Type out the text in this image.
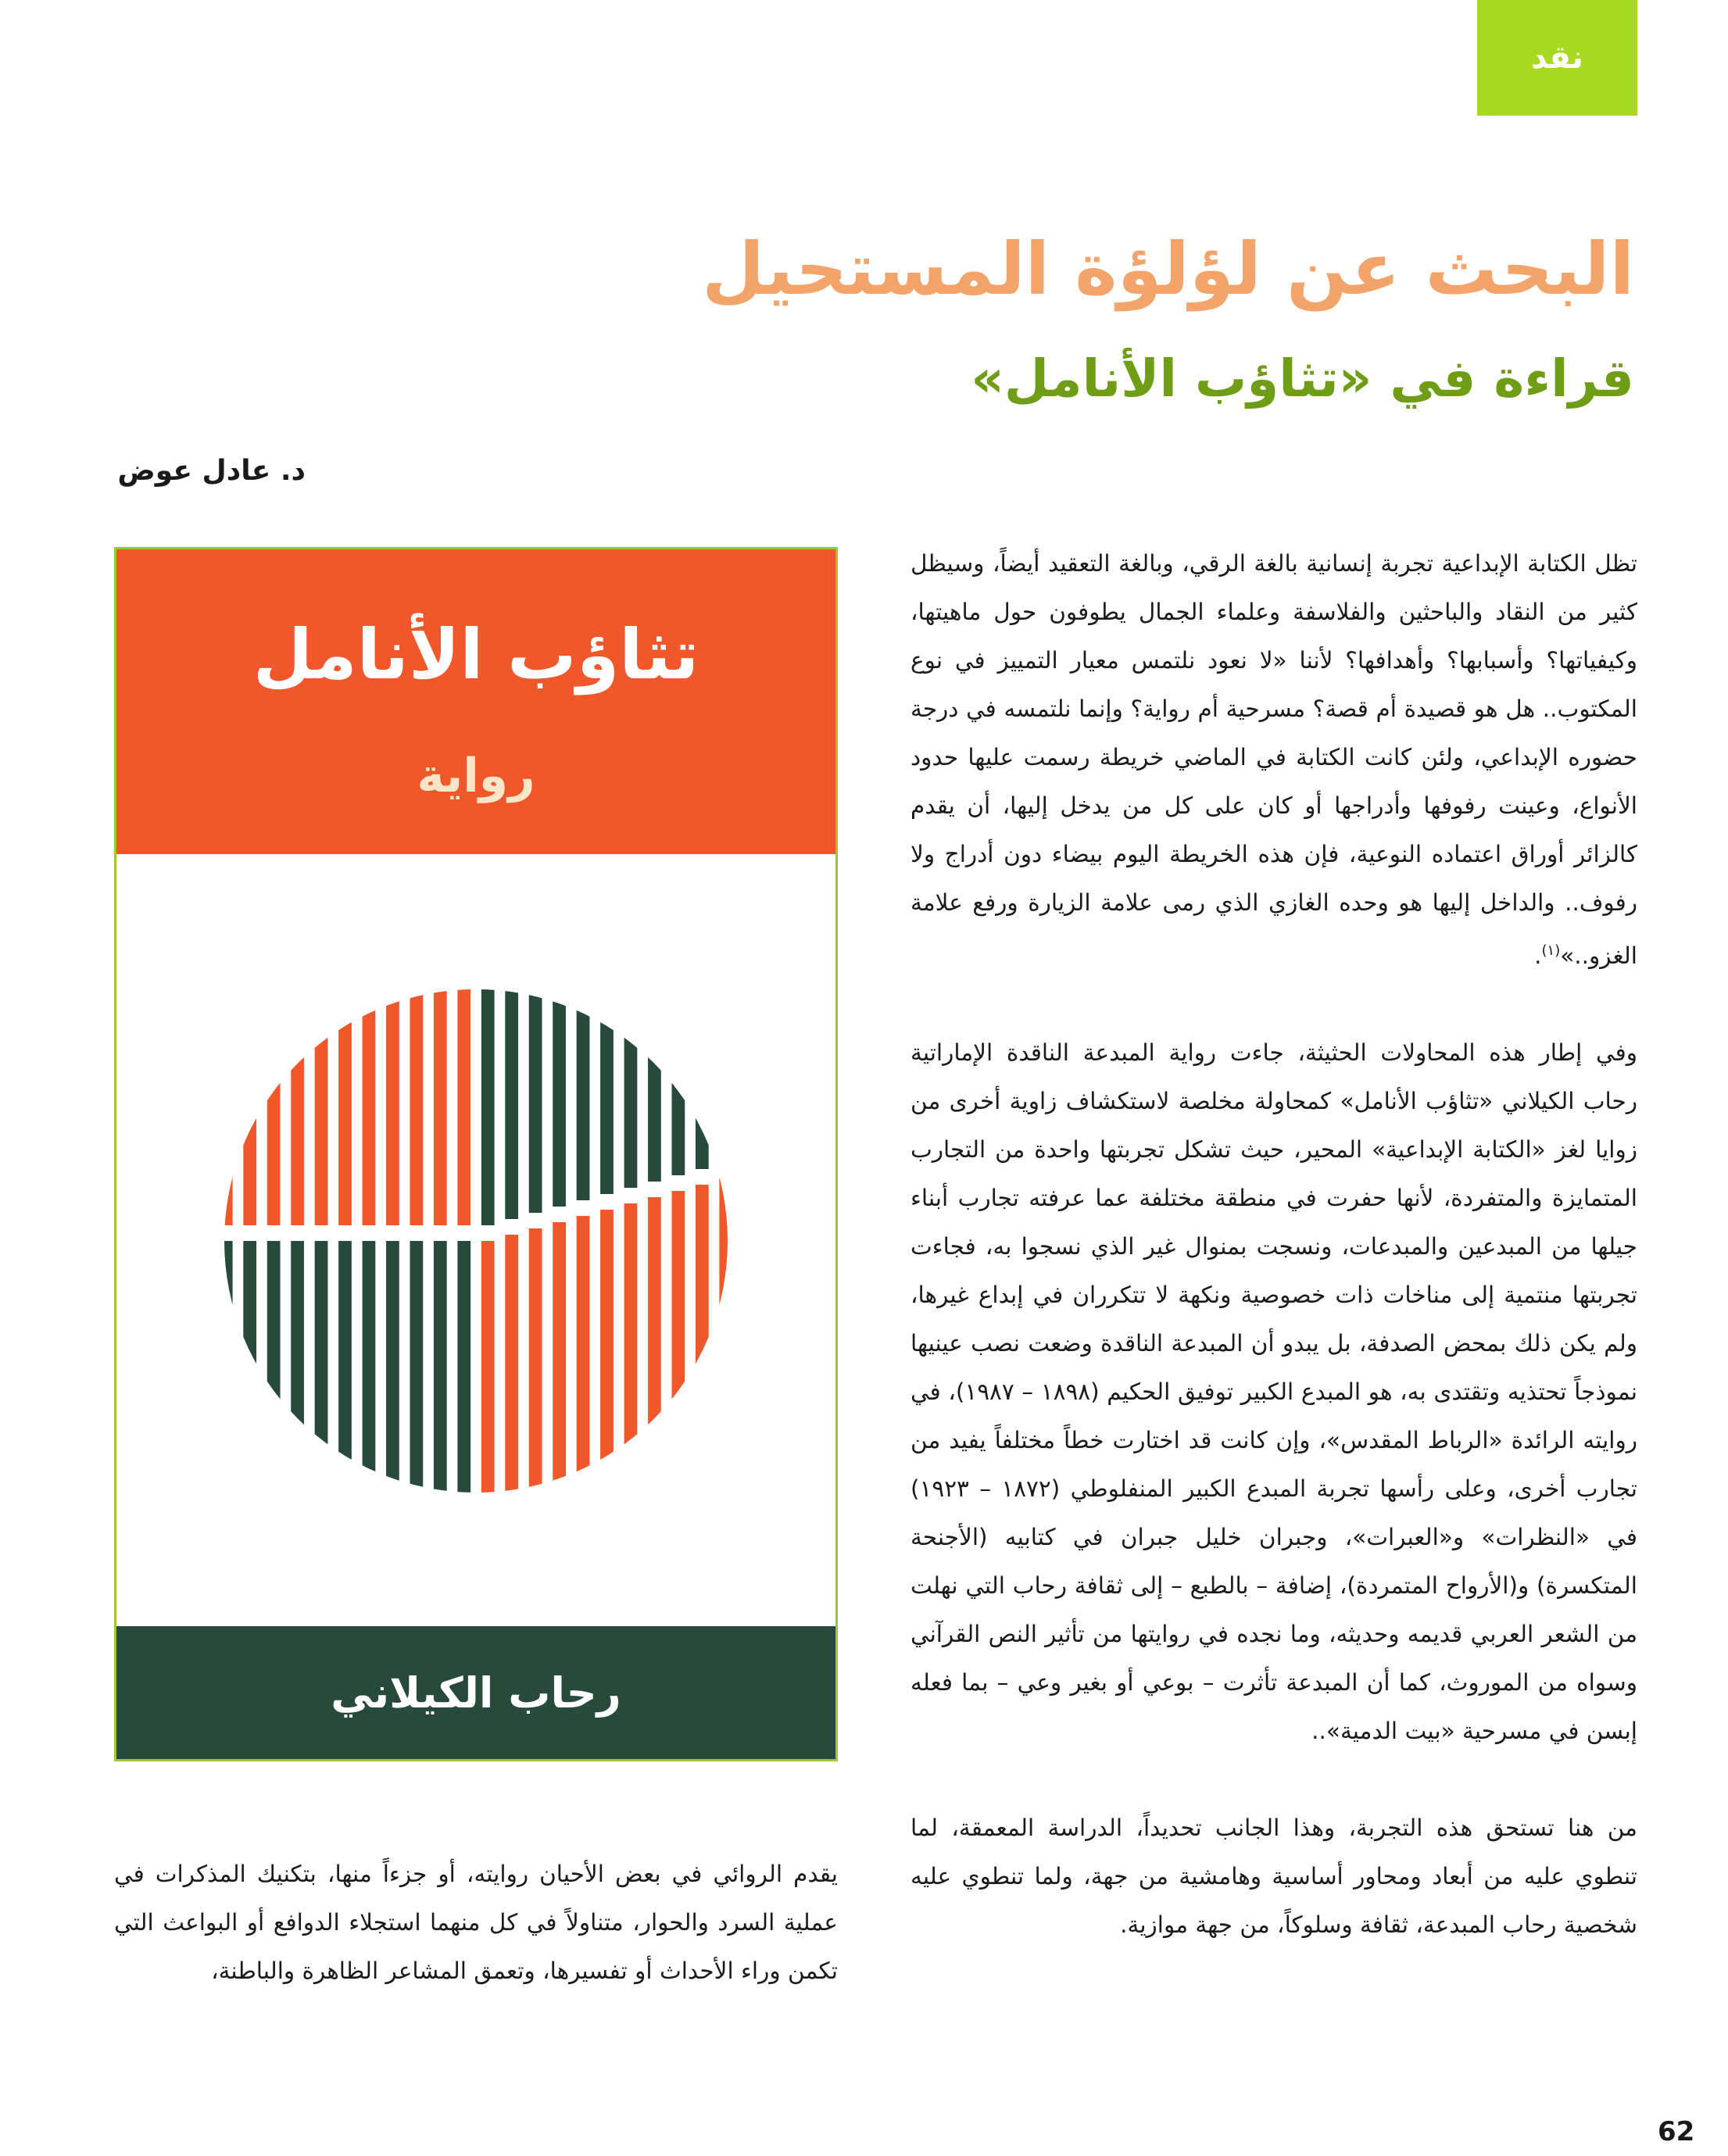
نقد
البحث عن لؤلؤة المستحيل
قراءة في «تثاؤب الأنامل»
د. عادل عوض
تثاؤب الأنامل
رواية
رحاب الكيلاني

تظل الكتابة الإبداعية تجربة إنسانية بالغة الرقي، وبالغة التعقيد أيضاً، وسيظل كثير من النقاد والباحثين والفلاسفة وعلماء الجمال يطوفون حول ماهيتها، وكيفياتها؟ وأسبابها؟ وأهدافها؟ لأننا «لا نعود نلتمس معيار التمييز في نوع المكتوب.. هل هو قصيدة أم قصة؟ مسرحية أم رواية؟ وإنما نلتمسه في درجة حضوره الإبداعي، ولئن كانت الكتابة في الماضي خريطة رسمت عليها حدود الأنواع، وعينت رفوفها وأدراجها أو كان على كل من يدخل إليها، أن يقدم كالزائر أوراق اعتماده النوعية، فإن هذه الخريطة اليوم بيضاء دون أدراج ولا رفوف.. والداخل إليها هو وحده الغازي الذي رمى علامة الزيارة ورفع علامة الغزو..»$^{(١)}$.

وفي إطار هذه المحاولات الحثيثة، جاءت رواية المبدعة الناقدة الإماراتية رحاب الكيلاني «تثاؤب الأنامل» كمحاولة مخلصة لاستكشاف زاوية أخرى من زوايا لغز «الكتابة الإبداعية» المحير، حيث تشكل تجربتها واحدة من التجارب المتمايزة والمتفردة، لأنها حفرت في منطقة مختلفة عما عرفته تجارب أبناء جيلها من المبدعين والمبدعات، ونسجت بمنوال غير الذي نسجوا به، فجاءت تجربتها منتمية إلى مناخات ذات خصوصية ونكهة لا تتكرران في إبداع غيرها، ولم يكن ذلك بمحض الصدفة، بل يبدو أن المبدعة الناقدة وضعت نصب عينيها نموذجاً تحتذيه وتقتدى به، هو المبدع الكبير توفيق الحكيم (١٨٩٨ – ١٩٨٧)، في روايته الرائدة «الرباط المقدس»، وإن كانت قد اختارت خطاً مختلفاً يفيد من تجارب أخرى، وعلى رأسها تجربة المبدع الكبير المنفلوطي (١٨٧٢ – ١٩٢٣) في «النظرات» و«العبرات»، وجبران خليل جبران في كتابيه (الأجنحة المتكسرة) و(الأرواح المتمردة)، إضافة – بالطبع – إلى ثقافة رحاب التي نهلت من الشعر العربي قديمه وحديثه، وما نجده في روايتها من تأثير النص القرآني وسواه من الموروث، كما أن المبدعة تأثرت – بوعي أو بغير وعي – بما فعله إبسن في مسرحية «بيت الدمية»..

من هنا تستحق هذه التجربة، وهذا الجانب تحديداً، الدراسة المعمقة، لما تنطوي عليه من أبعاد ومحاور أساسية وهامشية من جهة، ولما تنطوي عليه شخصية رحاب المبدعة، ثقافة وسلوكاً، من جهة موازية.

يقدم الروائي في بعض الأحيان روايته، أو جزءاً منها، بتكنيك المذكرات في عملية السرد والحوار، متناولاً في كل منهما استجلاء الدوافع أو البواعث التي تكمن وراء الأحداث أو تفسيرها، وتعمق المشاعر الظاهرة والباطنة،

62
